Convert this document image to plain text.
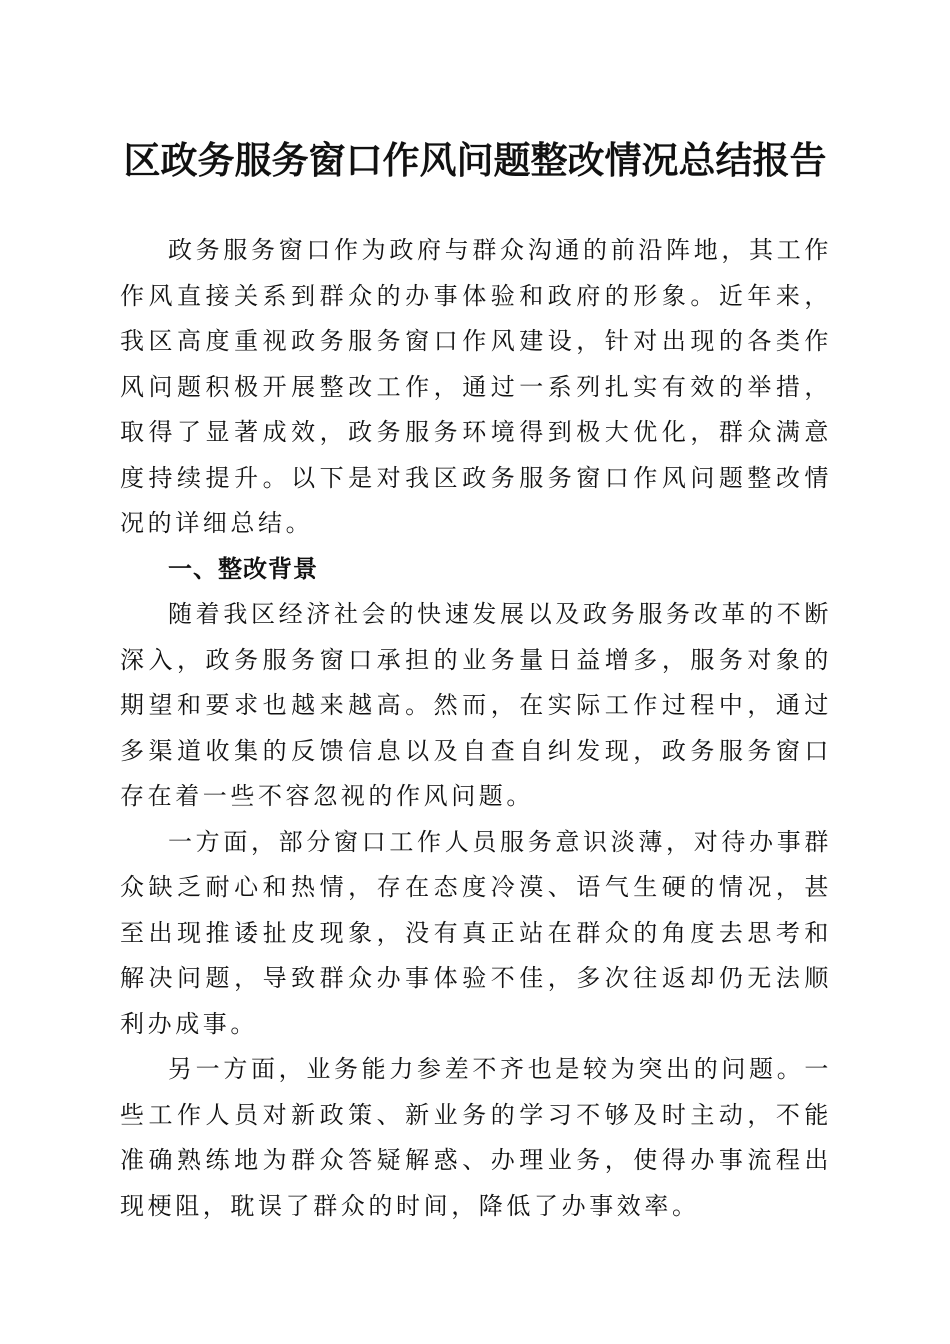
区政务服务窗口作风问题整改情况总结报告

政务服务窗口作为政府与群众沟通的前沿阵地，其工作作风直接关系到群众的办事体验和政府的形象。近年来，我区高度重视政务服务窗口作风建设，针对出现的各类作风问题积极开展整改工作，通过一系列扎实有效的举措，取得了显著成效，政务服务环境得到极大优化，群众满意度持续提升。以下是对我区政务服务窗口作风问题整改情况的详细总结。

一、整改背景

随着我区经济社会的快速发展以及政务服务改革的不断深入，政务服务窗口承担的业务量日益增多，服务对象的期望和要求也越来越高。然而，在实际工作过程中，通过多渠道收集的反馈信息以及自查自纠发现，政务服务窗口存在着一些不容忽视的作风问题。

一方面，部分窗口工作人员服务意识淡薄，对待办事群众缺乏耐心和热情，存在态度冷漠、语气生硬的情况，甚至出现推诿扯皮现象，没有真正站在群众的角度去思考和解决问题，导致群众办事体验不佳，多次往返却仍无法顺利办成事。

另一方面，业务能力参差不齐也是较为突出的问题。一些工作人员对新政策、新业务的学习不够及时主动，不能准确熟练地为群众答疑解惑、办理业务，使得办事流程出现梗阻，耽误了群众的时间，降低了办事效率。
